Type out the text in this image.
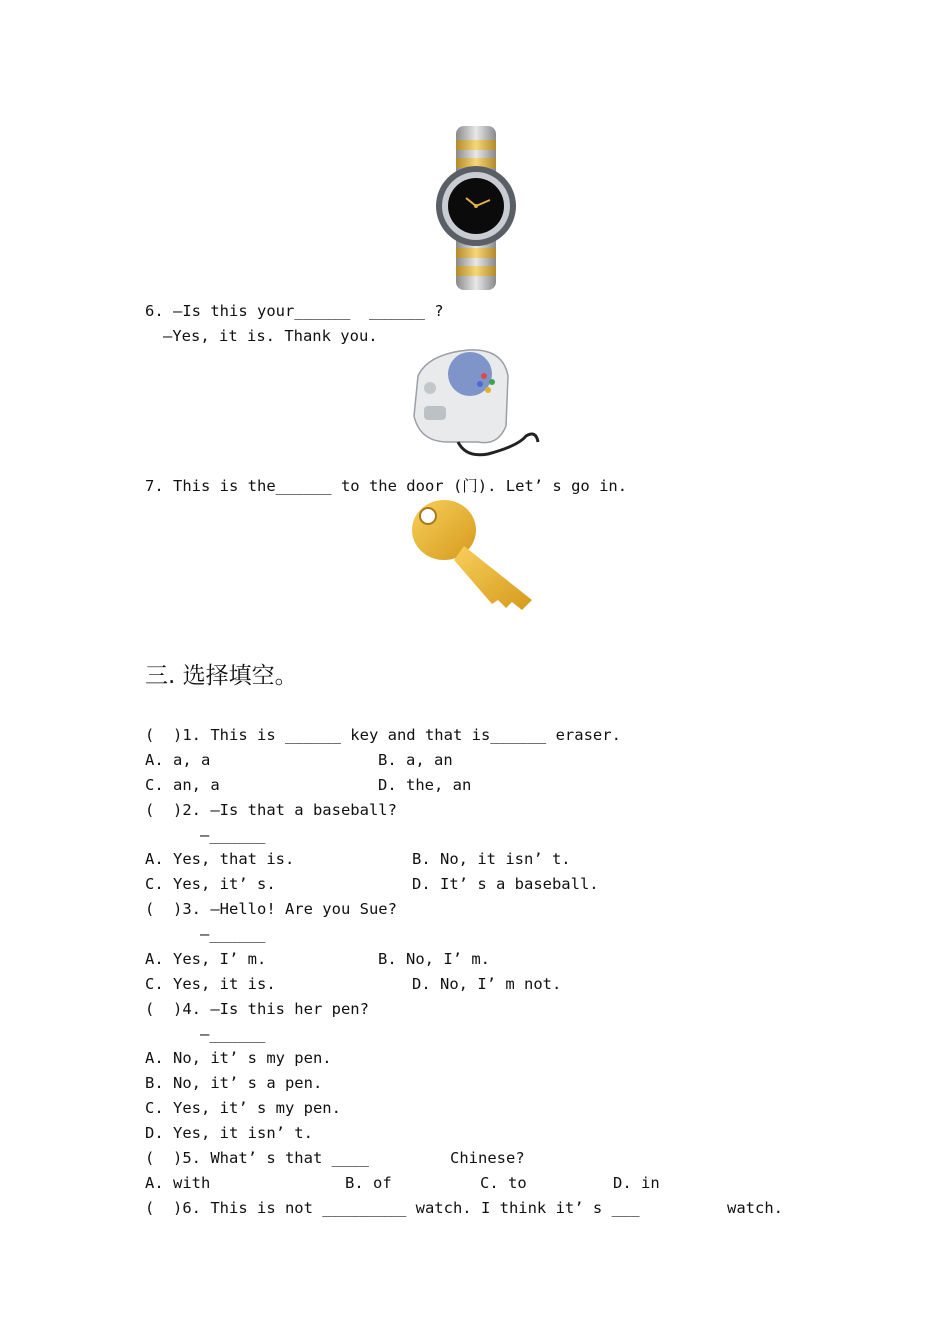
6. —Is this your______  ______ ?
—Yes, it is. Thank you.
7. This is the______ to the door (门). Let’ s go in.
三. 选择填空。
(  )1. This is ______ key and that is______ eraser.
A. a, a	B. a, an
C. an, a	D. the, an
(  )2. —Is that a baseball?
—______
A. Yes, that is.	B. No, it isn’ t.
C. Yes, it’ s.	D. It’ s a baseball.
(  )3. —Hello! Are you Sue?
—______
A. Yes, I’ m.	B. No, I’ m.
C. Yes, it is.	D. No, I’ m not.
(  )4. —Is this her pen?
—______
A. No, it’ s my pen.
B. No, it’ s a pen.
C. Yes, it’ s my pen.
D. Yes, it isn’ t.
(  )5. What’ s that ____	Chinese?
A. with	B. of	C. to	D. in
(  )6. This is not _________ watch. I think it’ s ___	watch.
